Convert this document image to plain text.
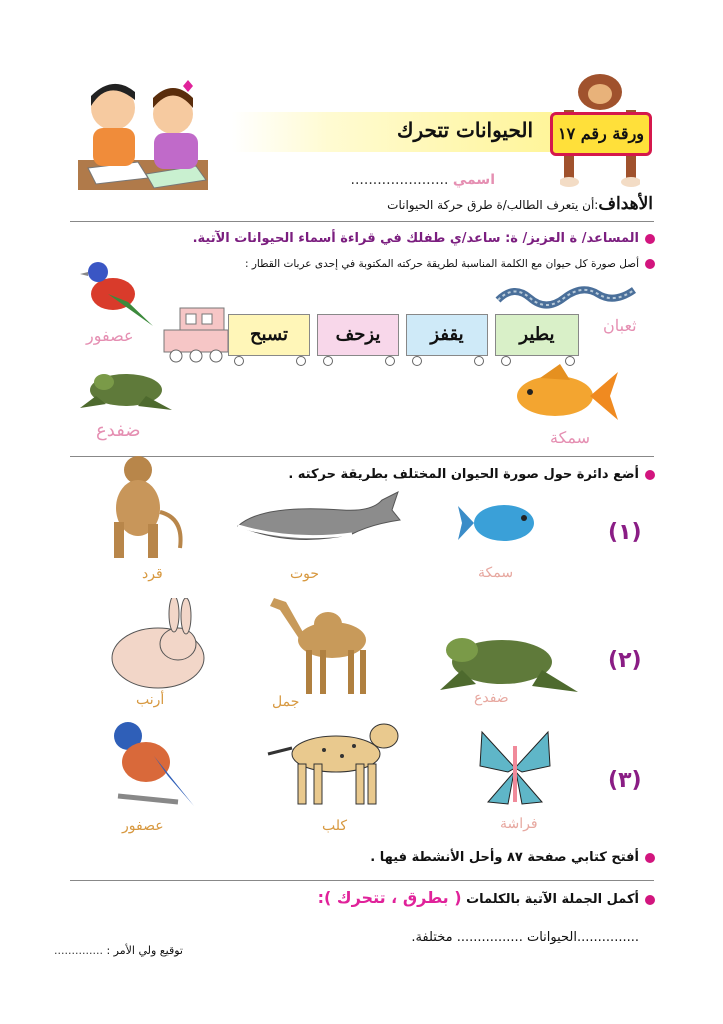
الحيوانات تتحرك	ورقة رقم ١٧
اسمي ......................
الأهداف:أن يتعرف الطالب/ة طرق حركة الحيوانات
المساعد/ ة العزيز/ ة: ساعد/ي طفلك في قراءة أسماء الحيوانات الآتية.
أصل صورة كل حيوان مع الكلمة المناسبة لطريقة حركته المكتوبة في إحدى عربات القطار :
عصفور
ضفدع
ثعبان
سمكة
تسبح	يزحف	يقفز	يطير
أضع دائرة حول صورة الحيوان المختلف بطريقة حركته .
(١)
سمكة
حوت
قرد
(٢)
ضفدع
جمل
أرنب
(٣)
فراشة
كلب
عصفور
أفتح كتابي صفحة ٨٧ وأحل الأنشطة فيها .
أكمل الجملة الآتية بالكلمات ( بطرق ، تتحرك ):
...............الحيوانات ................ مختلفة.
توقيع ولي الأمر : ..............
